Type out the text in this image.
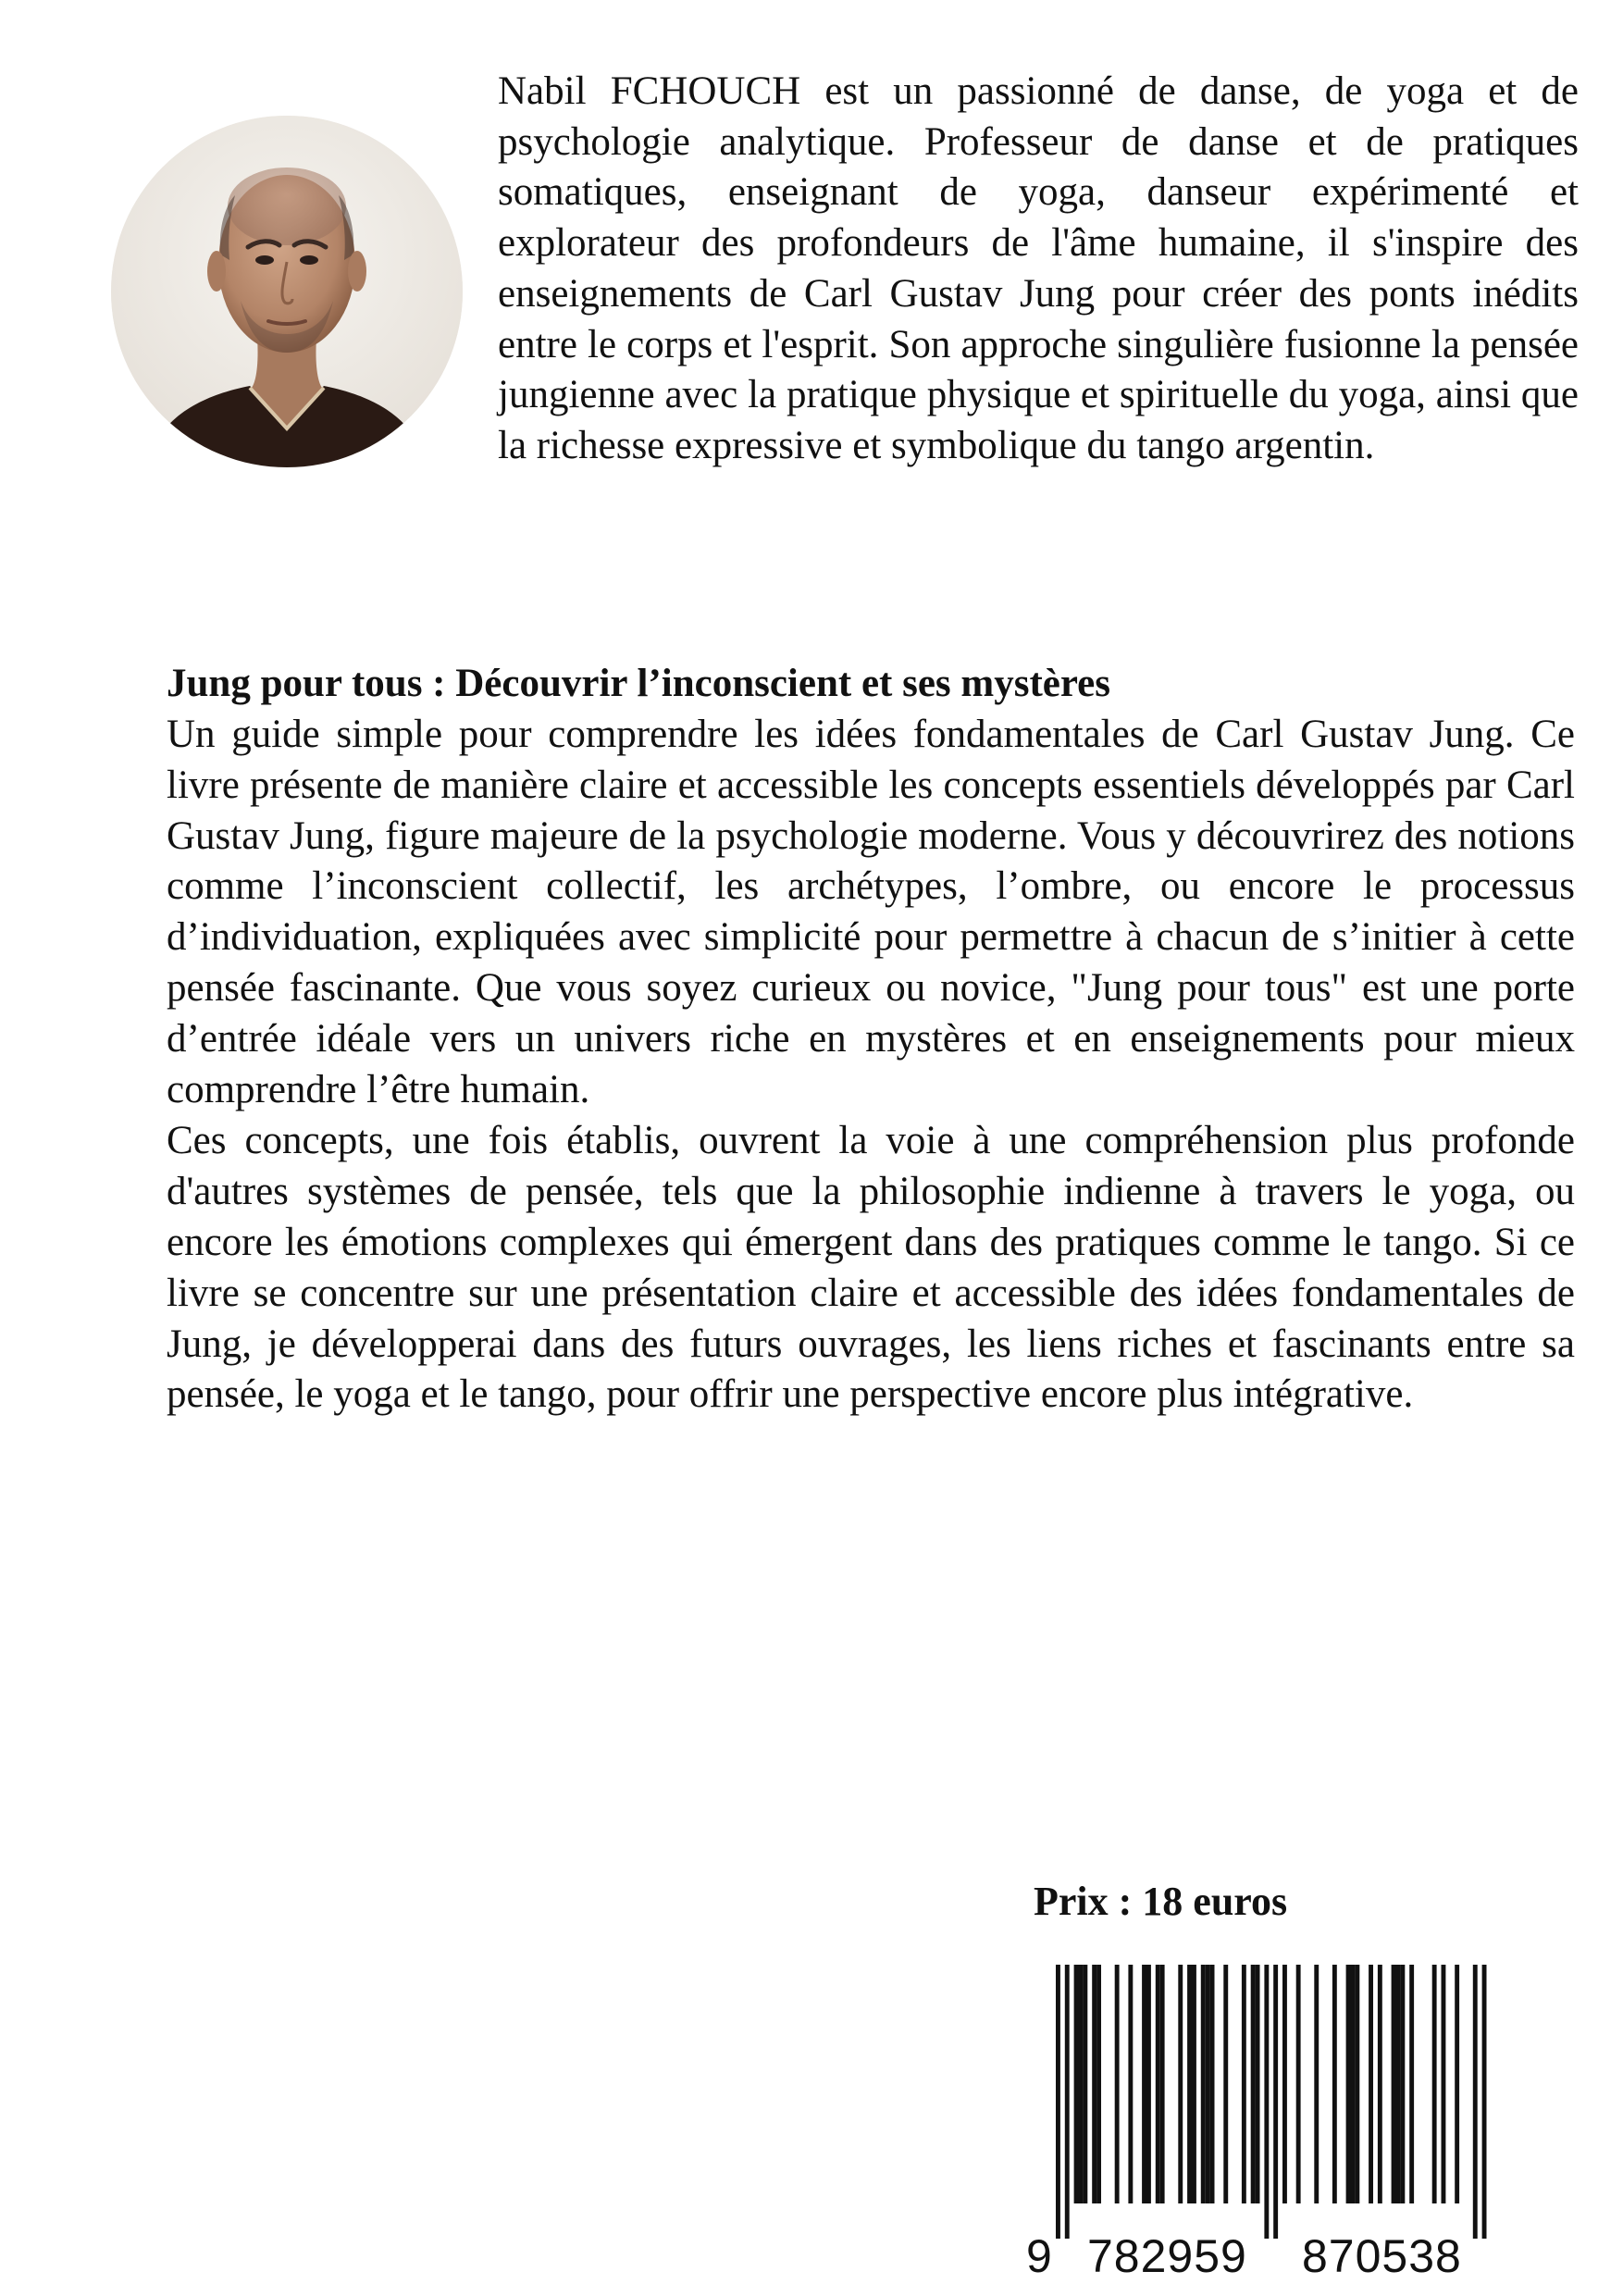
Nabil FCHOUCH est un passionné de danse, de yoga et de psychologie analytique. Professeur de danse et de pratiques somatiques, enseignant de yoga, danseur expérimenté et explorateur des profondeurs de l'âme humaine, il s'inspire des enseignements de Carl Gustav Jung pour créer des ponts inédits entre le corps et l'esprit. Son approche singulière fusionne la pensée jungienne avec la pratique physique et spirituelle du yoga, ainsi que la richesse expressive et symbolique du tango argentin.

Jung pour tous : Découvrir l’inconscient et ses mystères

Un guide simple pour comprendre les idées fondamentales de Carl Gustav Jung. Ce livre présente de manière claire et accessible les concepts essentiels développés par Carl Gustav Jung, figure majeure de la psychologie moderne. Vous y découvrirez des notions comme l’inconscient collectif, les archétypes, l’ombre, ou encore le processus d’individuation, expliquées avec simplicité pour permettre à chacun de s’initier à cette pensée fascinante. Que vous soyez curieux ou novice, "Jung pour tous" est une porte d’entrée idéale vers un univers riche en mystères et en enseignements pour mieux comprendre l’être humain.

Ces concepts, une fois établis, ouvrent la voie à une compréhension plus profonde d'autres systèmes de pensée, tels que la philosophie indienne à travers le yoga, ou encore les émotions complexes qui émergent dans des pratiques comme le tango. Si ce livre se concentre sur une présentation claire et accessible des idées fondamentales de Jung, je développerai dans des futurs ouvrages, les liens riches et fascinants entre sa pensée, le yoga et le tango, pour offrir une perspective encore plus intégrative.

Prix : 18 euros

9 782959 870538
